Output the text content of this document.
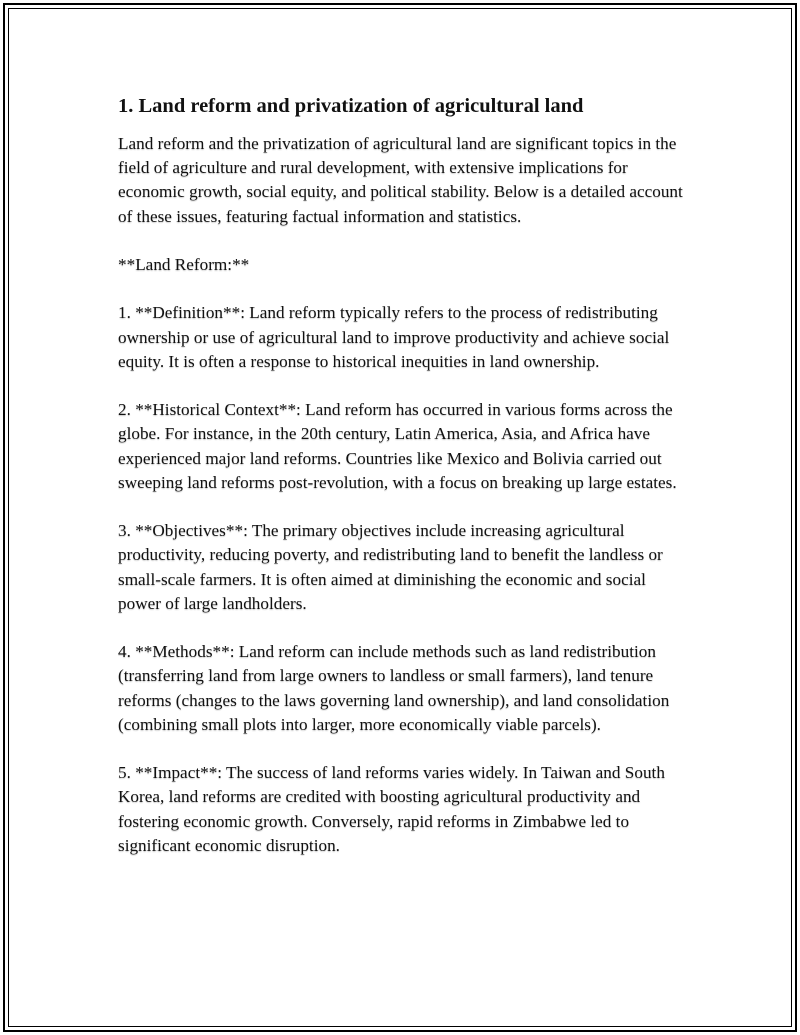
1. Land reform and privatization of agricultural land

Land reform and the privatization of agricultural land are significant topics in the field of agriculture and rural development, with extensive implications for economic growth, social equity, and political stability. Below is a detailed account of these issues, featuring factual information and statistics.

**Land Reform:**

1. **Definition**: Land reform typically refers to the process of redistributing ownership or use of agricultural land to improve productivity and achieve social equity. It is often a response to historical inequities in land ownership.

2. **Historical Context**: Land reform has occurred in various forms across the globe. For instance, in the 20th century, Latin America, Asia, and Africa have experienced major land reforms. Countries like Mexico and Bolivia carried out sweeping land reforms post-revolution, with a focus on breaking up large estates.

3. **Objectives**: The primary objectives include increasing agricultural productivity, reducing poverty, and redistributing land to benefit the landless or small-scale farmers. It is often aimed at diminishing the economic and social power of large landholders.

4. **Methods**: Land reform can include methods such as land redistribution (transferring land from large owners to landless or small farmers), land tenure reforms (changes to the laws governing land ownership), and land consolidation (combining small plots into larger, more economically viable parcels).

5. **Impact**: The success of land reforms varies widely. In Taiwan and South Korea, land reforms are credited with boosting agricultural productivity and fostering economic growth. Conversely, rapid reforms in Zimbabwe led to significant economic disruption.
